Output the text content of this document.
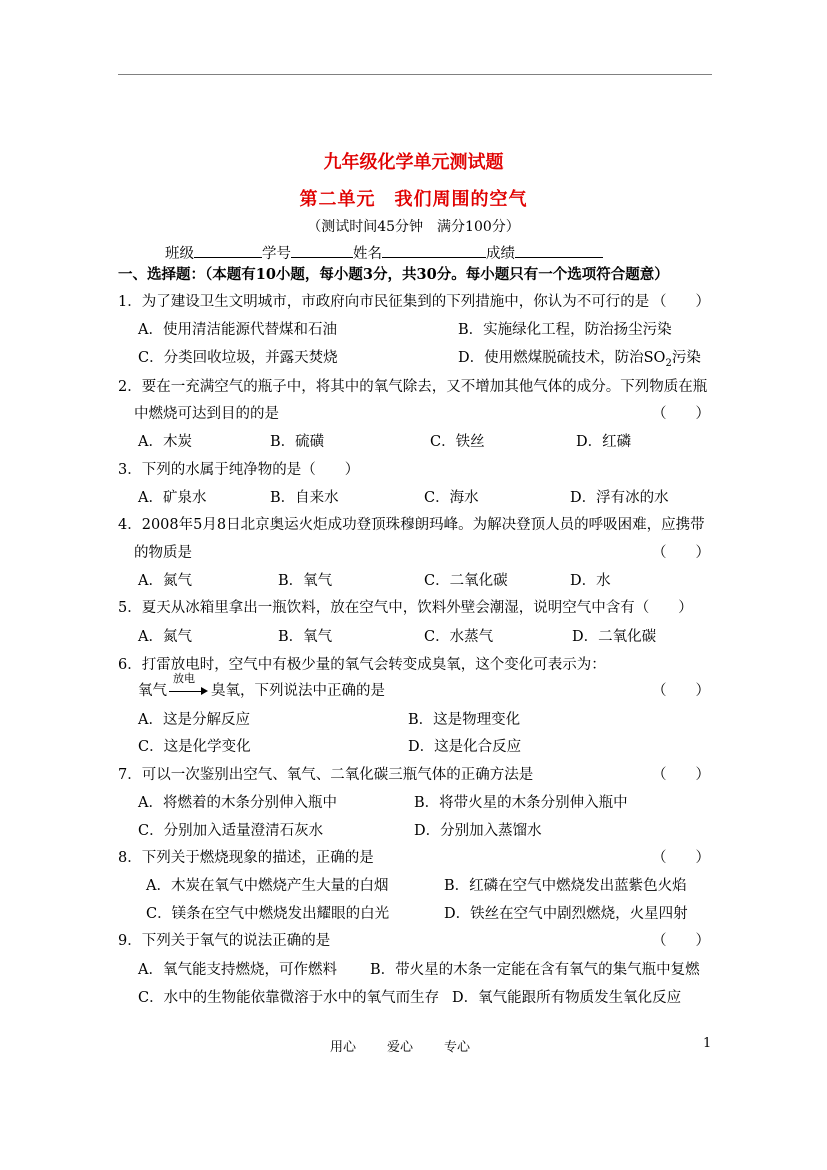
九年级化学单元测试题
第二单元　我们周围的空气
（测试时间45分钟　满分100分）
班级	学号	姓名	成绩
一、选择题：（本题有10小题，每小题3分，共30分。每小题只有一个选项符合题意）
1．为了建设卫生文明城市，市政府向市民征集到的下列措施中，你认为不可行的是 （　　）
A．使用清洁能源代替煤和石油	B．实施绿化工程，防治扬尘污染
C．分类回收垃圾，并露天焚烧	D．使用燃煤脱硫技术，防治$SO_2$污染
2．要在一充满空气的瓶子中，将其中的氧气除去，又不增加其他气体的成分。下列物质在瓶
中燃烧可达到目的的是	（　　）
A．木炭	B．硫磺	C．铁丝	D．红磷
3．下列的水属于纯净物的是（　　）
A．矿泉水	B．自来水	C．海水	D．浮有冰的水
4．2008年5月8日北京奥运火炬成功登顶珠穆朗玛峰。为解决登顶人员的呼吸困难，应携带
的物质是	（　　）
A．氮气	B．氧气	C．二氧化碳	D．水
5．夏天从冰箱里拿出一瓶饮料，放在空气中，饮料外壁会潮湿，说明空气中含有（　　）
A．氮气	B．氧气	C．水蒸气	D．二氧化碳
6．打雷放电时，空气中有极少量的氧气会转变成臭氧，这个变化可表示为：
氧气
放电
臭氧，下列说法中正确的是	（　　）
A．这是分解反应	B．这是物理变化
C．这是化学变化	D．这是化合反应
7．可以一次鉴别出空气、氧气、二氧化碳三瓶气体的正确方法是	（　　）
A．将燃着的木条分别伸入瓶中	B．将带火星的木条分别伸入瓶中
C．分别加入适量澄清石灰水	D．分别加入蒸馏水
8．下列关于燃烧现象的描述，正确的是	（　　）
A．木炭在氧气中燃烧产生大量的白烟	B．红磷在空气中燃烧发出蓝紫色火焰
C．镁条在空气中燃烧发出耀眼的白光	D．铁丝在空气中剧烈燃烧，火星四射
9．下列关于氧气的说法正确的是	（　　）
A．氧气能支持燃烧，可作燃料 B．带火星的木条一定能在含有氧气的集气瓶中复燃
C．水中的生物能依靠微溶于水中的氧气而生存 D．氧气能跟所有物质发生氧化反应
用心 爱心 专心	1
